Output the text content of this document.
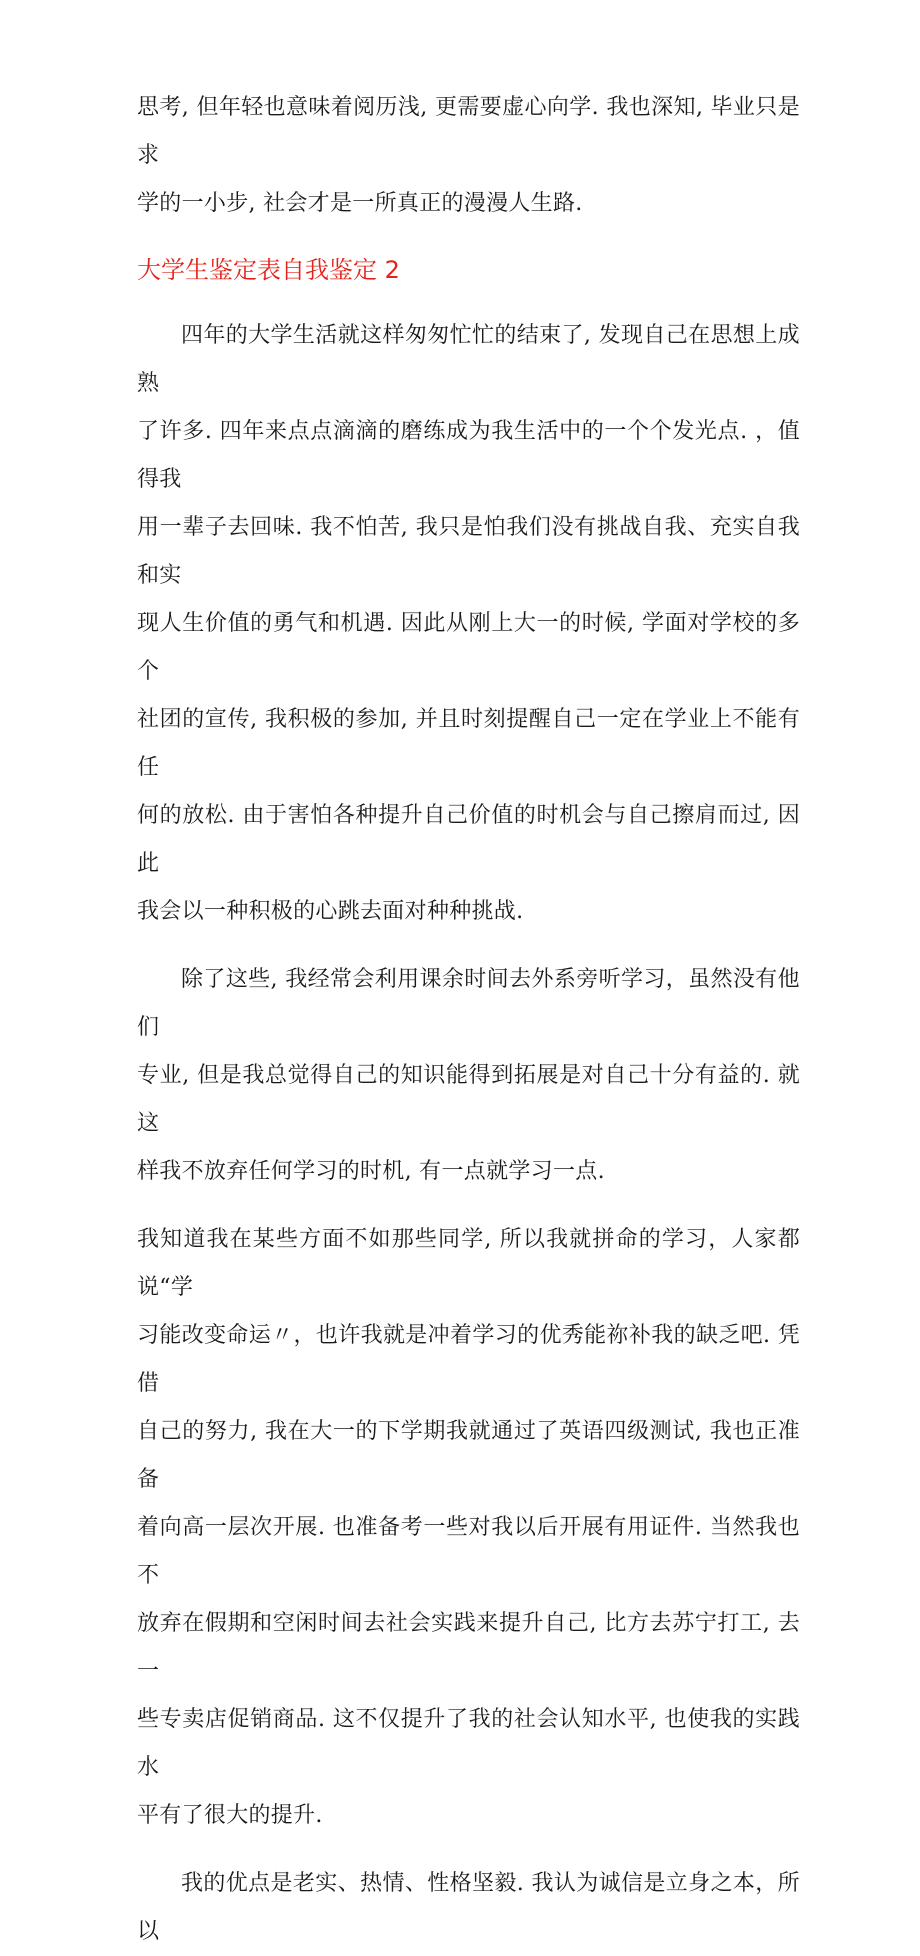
思考, 但年轻也意味着阅历浅, 更需要虚心向学. 我也深知, 毕业只是求
学的一小步, 社会才是一所真正的漫漫人生路.

大学生鉴定表自我鉴定 2

四年的大学生活就这样匆匆忙忙的结束了, 发现自己在思想上成熟
了许多. 四年来点点滴滴的磨练成为我生活中的一个个发光点. ，值得我
用一辈子去回味. 我不怕苦, 我只是怕我们没有挑战自我、充实自我和实
现人生价值的勇气和机遇. 因此从刚上大一的时候, 学面对学校的多个
社团的宣传, 我积极的参加, 并且时刻提醒自己一定在学业上不能有任
何的放松. 由于害怕各种提升自己价值的时机会与自己擦肩而过, 因此
我会以一种积极的心跳去面对种种挑战.

除了这些, 我经常会利用课余时间去外系旁听学习，虽然没有他们
专业, 但是我总觉得自己的知识能得到拓展是对自己十分有益的. 就这
样我不放弃任何学习的时机, 有一点就学习一点.

我知道我在某些方面不如那些同学, 所以我就拼命的学习，人家都说“学
习能改变命运〃，也许我就是冲着学习的优秀能祢补我的缺乏吧. 凭借
自己的努力, 我在大一的下学期我就通过了英语四级测试, 我也正准备
着向高一层次开展. 也准备考一些对我以后开展有用证件. 当然我也不
放弃在假期和空闲时间去社会实践来提升自己, 比方去苏宁打工, 去一
些专卖店促销商品. 这不仅提升了我的社会认知水平, 也使我的实践水
平有了很大的提升.

我的优点是老实、热情、性格坚毅. 我认为诚信是立身之本，所以
